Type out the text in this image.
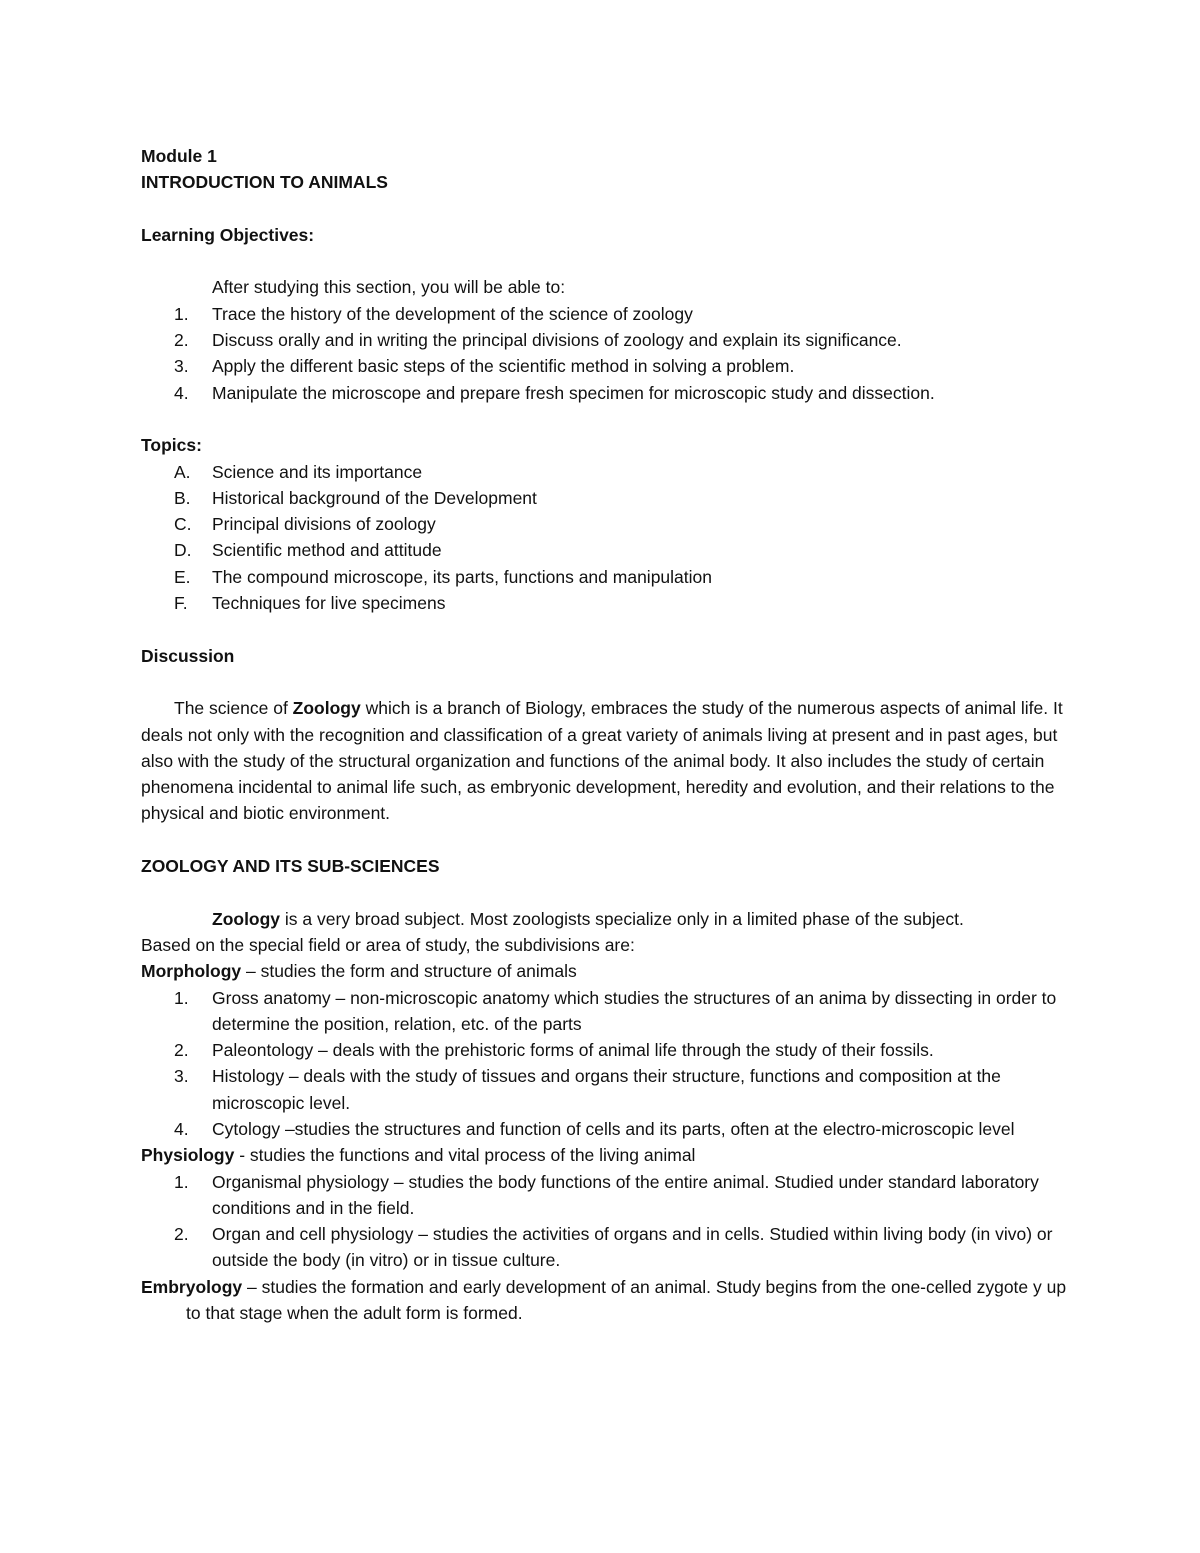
Module 1
INTRODUCTION TO ANIMALS
Learning Objectives:
After studying this section, you will be able to:
1. Trace the history of the development of the science of zoology
2. Discuss orally and in writing the principal divisions of zoology and explain its significance.
3. Apply the different basic steps of the scientific method in solving a problem.
4. Manipulate the microscope and prepare fresh specimen for microscopic study and dissection.
Topics:
A. Science and its importance
B. Historical background of the Development
C. Principal divisions of zoology
D. Scientific method and attitude
E. The compound microscope, its parts, functions and manipulation
F. Techniques for live specimens
Discussion
The science of Zoology which is a branch of Biology, embraces the study of the numerous aspects of animal life. It deals not only with the recognition and classification of a great variety of animals living at present and in past ages, but also with the study of the structural organization and functions of the animal body. It also includes the study of certain phenomena incidental to animal life such, as embryonic development, heredity and evolution, and their relations to the physical and biotic environment.
ZOOLOGY AND ITS SUB-SCIENCES
Zoology is a very broad subject. Most zoologists specialize only in a limited phase of the subject.
Based on the special field or area of study, the subdivisions are:
Morphology – studies the form and structure of animals
1. Gross anatomy – non-microscopic anatomy which studies the structures of an anima by dissecting in order to determine the position, relation, etc. of the parts
2. Paleontology – deals with the prehistoric forms of animal life through the study of their fossils.
3. Histology – deals with the study of tissues and organs their structure, functions and composition at the microscopic level.
4. Cytology –studies the structures and function of cells and its parts, often at the electro-microscopic level
Physiology - studies the functions and vital process of the living animal
1. Organismal physiology – studies the body functions of the entire animal. Studied under standard laboratory conditions and in the field.
2. Organ and cell physiology – studies the activities of organs and in cells. Studied within living body (in vivo) or outside the body (in vitro) or in tissue culture.
Embryology – studies the formation and early development of an animal. Study begins from the one-celled zygote y up to that stage when the adult form is formed.
